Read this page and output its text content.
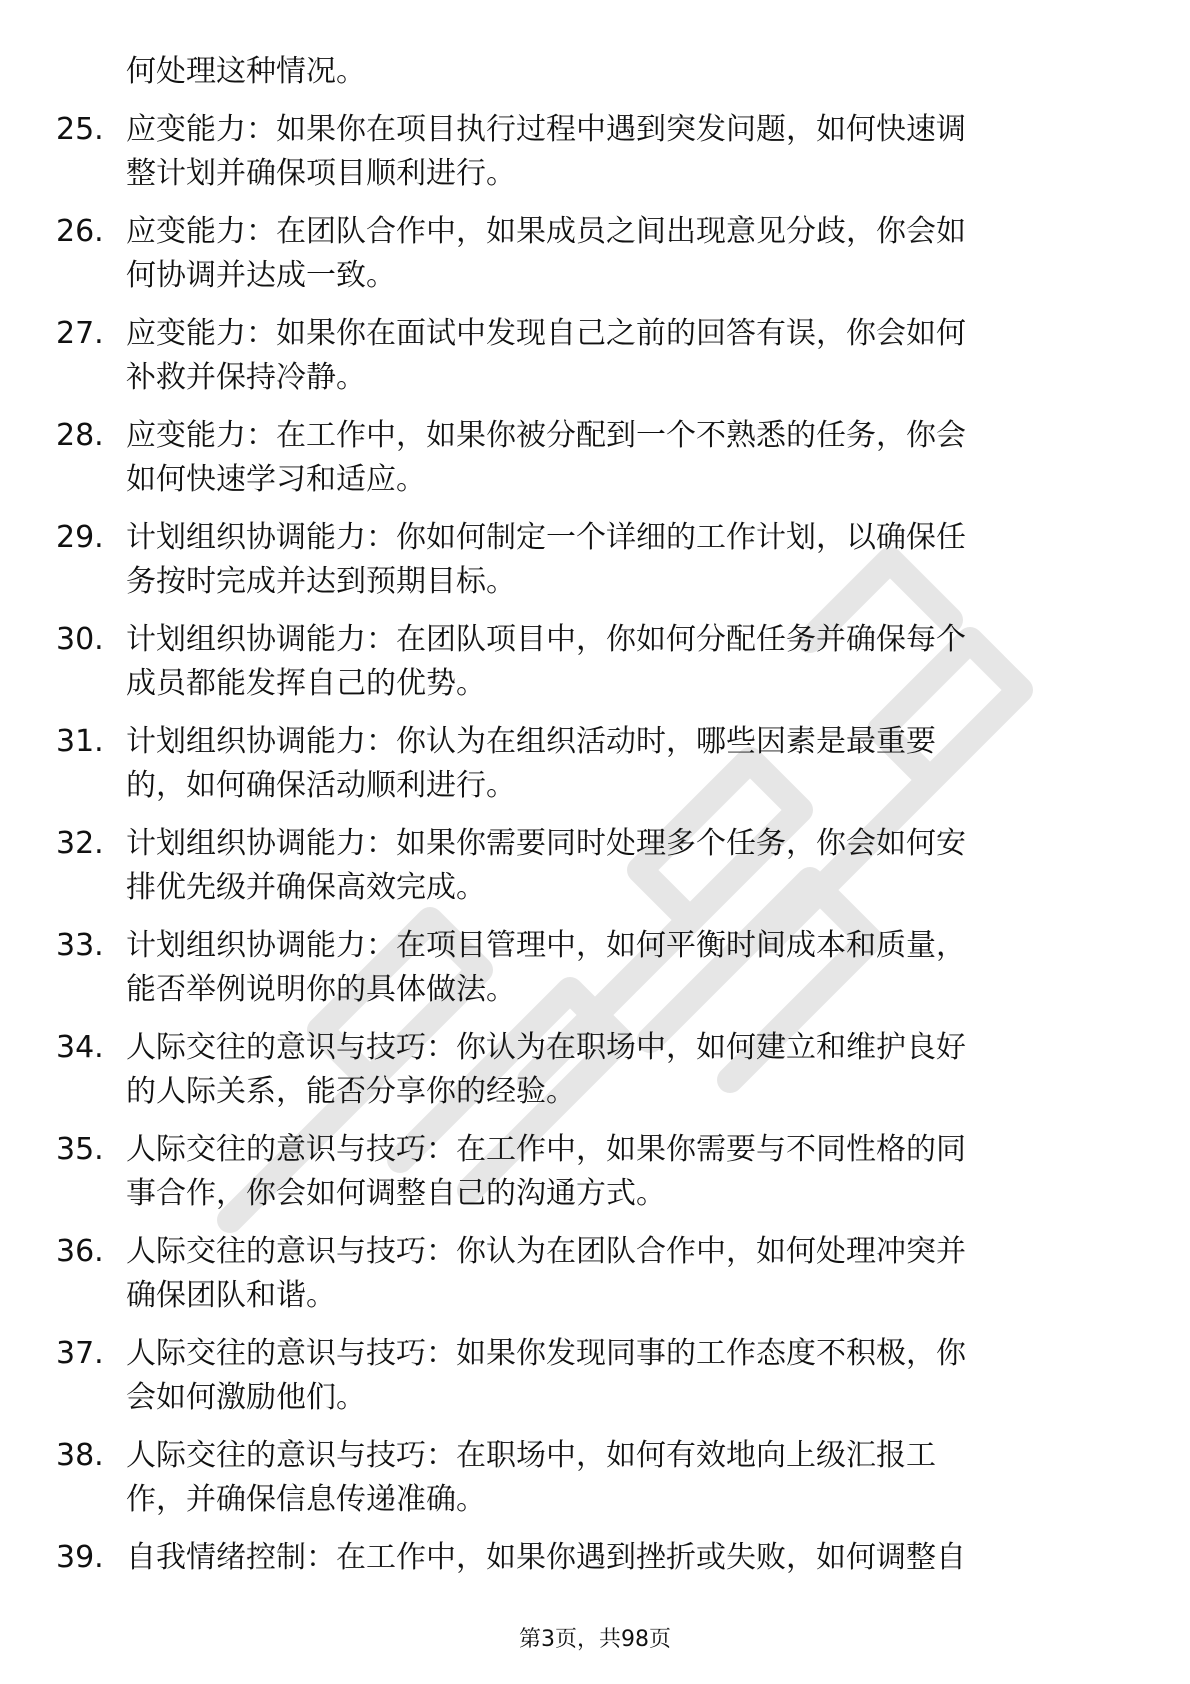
何处理这种情况。
25. 应变能力：如果你在项目执行过程中遇到突发问题，如何快速调
整计划并确保项目顺利进行。
26. 应变能力：在团队合作中，如果成员之间出现意见分歧，你会如
何协调并达成一致。
27. 应变能力：如果你在面试中发现自己之前的回答有误，你会如何
补救并保持冷静。
28. 应变能力：在工作中，如果你被分配到一个不熟悉的任务，你会
如何快速学习和适应。
29. 计划组织协调能力：你如何制定一个详细的工作计划，以确保任
务按时完成并达到预期目标。
30. 计划组织协调能力：在团队项目中，你如何分配任务并确保每个
成员都能发挥自己的优势。
31. 计划组织协调能力：你认为在组织活动时，哪些因素是最重要
的，如何确保活动顺利进行。
32. 计划组织协调能力：如果你需要同时处理多个任务，你会如何安
排优先级并确保高效完成。
33. 计划组织协调能力：在项目管理中，如何平衡时间成本和质量，
能否举例说明你的具体做法。
34. 人际交往的意识与技巧：你认为在职场中，如何建立和维护良好
的人际关系，能否分享你的经验。
35. 人际交往的意识与技巧：在工作中，如果你需要与不同性格的同
事合作，你会如何调整自己的沟通方式。
36. 人际交往的意识与技巧：你认为在团队合作中，如何处理冲突并
确保团队和谐。
37. 人际交往的意识与技巧：如果你发现同事的工作态度不积极，你
会如何激励他们。
38. 人际交往的意识与技巧：在职场中，如何有效地向上级汇报工
作，并确保信息传递准确。
39. 自我情绪控制：在工作中，如果你遇到挫折或失败，如何调整自
第3页，共98页
